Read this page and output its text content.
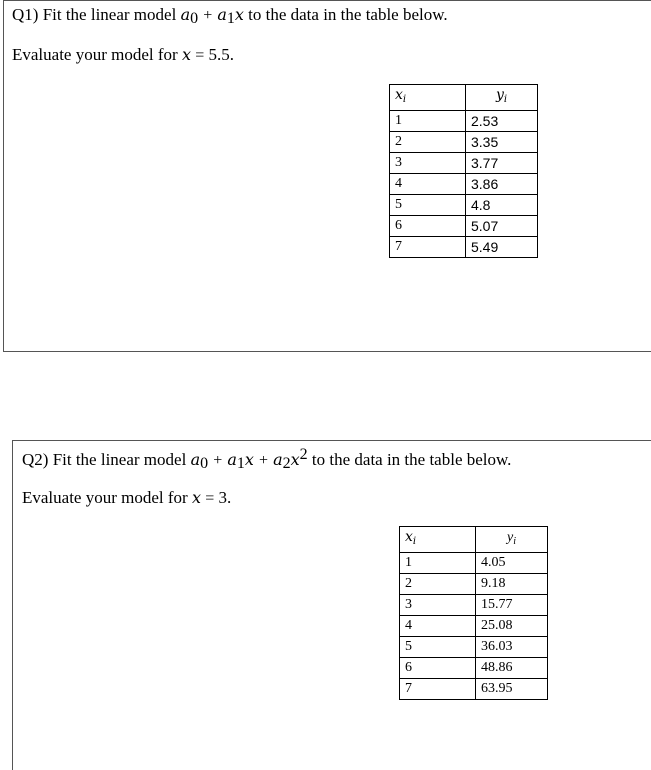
Q1) Fit the linear model $a_0 + a_1x$ to the data in the table below.
Evaluate your model for x = 5.5.
$x_i$	$y_i$
1	2.53
2	3.35
3	3.77
4	3.86
5	4.8
6	5.07
7	5.49
Q2) Fit the linear model $a_0 + a_1x + a_2x^2$ to the data in the table below.
Evaluate your model for x = 3.
$x_i$	$y_i$
1	4.05
2	9.18
3	15.77
4	25.08
5	36.03
6	48.86
7	63.95
